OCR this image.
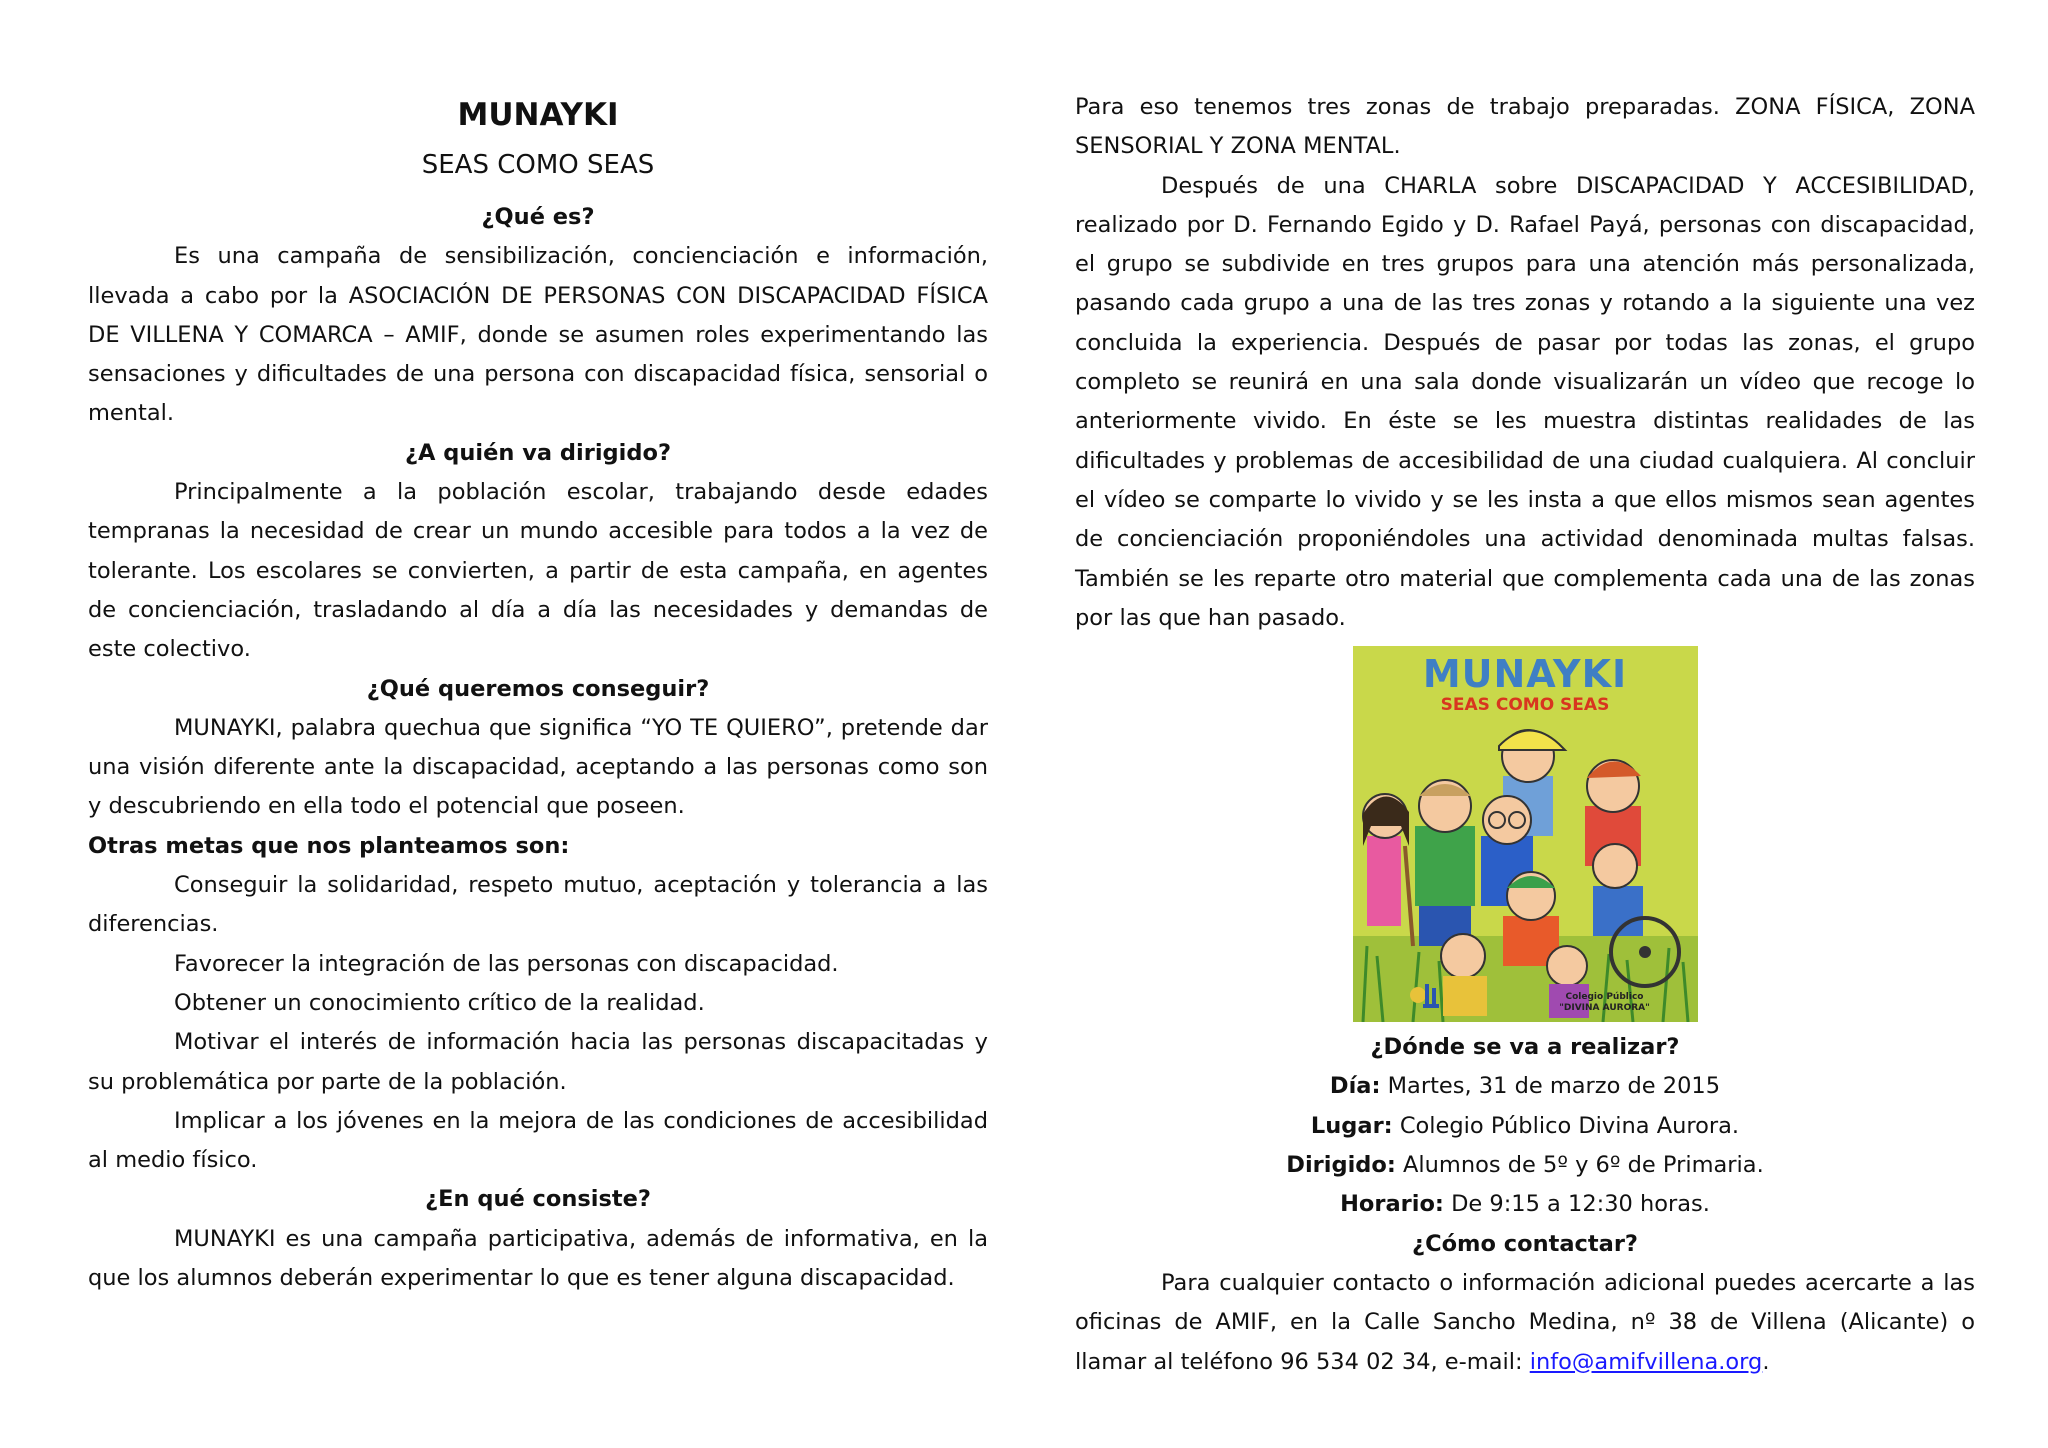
MUNAYKI

SEAS COMO SEAS

¿Qué es?

Es una campaña de sensibilización, concienciación e información, llevada a cabo por la ASOCIACIÓN DE PERSONAS CON DISCAPACIDAD FÍSICA DE VILLENA Y COMARCA – AMIF, donde se asumen roles experimentando las sensaciones y dificultades de una persona con discapacidad física, sensorial o mental.

¿A quién va dirigido?

Principalmente a la población escolar, trabajando desde edades tempranas la necesidad de crear un mundo accesible para todos a la vez de tolerante. Los escolares se convierten, a partir de esta campaña, en agentes de concienciación, trasladando al día a día las necesidades y demandas de este colectivo.

¿Qué queremos conseguir?

MUNAYKI, palabra quechua que significa “YO TE QUIERO”, pretende dar una visión diferente ante la discapacidad, aceptando a las personas como son y descubriendo en ella todo el potencial que poseen.

Otras metas que nos planteamos son:

Conseguir la solidaridad, respeto mutuo, aceptación y tolerancia a las diferencias.

Favorecer la integración de las personas con discapacidad.

Obtener un conocimiento crítico de la realidad.

Motivar el interés de información hacia las personas discapacitadas y su problemática por parte de la población.

Implicar a los jóvenes en la mejora de las condiciones de accesibilidad al medio físico.

¿En qué consiste?

MUNAYKI es una campaña participativa, además de informativa, en la que los alumnos deberán experimentar lo que es tener alguna discapacidad.

Para eso tenemos tres zonas de trabajo preparadas. ZONA FÍSICA, ZONA SENSORIAL Y ZONA MENTAL.

Después de una CHARLA sobre DISCAPACIDAD Y ACCESIBILIDAD, realizado por D. Fernando Egido y D. Rafael Payá, personas con discapacidad, el grupo se subdivide en tres grupos para una atención más personalizada, pasando cada grupo a una de las tres zonas y rotando a la siguiente una vez concluida la experiencia. Después de pasar por todas las zonas, el grupo completo se reunirá en una sala donde visualizarán un vídeo que recoge lo anteriormente vivido. En éste se les muestra distintas realidades de las dificultades y problemas de accesibilidad de una ciudad cualquiera. Al concluir el vídeo se comparte lo vivido y se les insta a que ellos mismos sean agentes de concienciación proponiéndoles una actividad denominada multas falsas. También se les reparte otro material que complementa cada una de las zonas por las que han pasado.

MUNAYKI
SEAS COMO SEAS
Colegio Público
"DIVINA AURORA"

¿Dónde se va a realizar?

Día: Martes, 31 de marzo de 2015

Lugar: Colegio Público Divina Aurora.

Dirigido: Alumnos de 5º y 6º de Primaria.

Horario: De 9:15 a 12:30 horas.

¿Cómo contactar?

Para cualquier contacto o información adicional puedes acercarte a las oficinas de AMIF, en la Calle Sancho Medina, nº 38 de Villena (Alicante) o llamar al teléfono 96 534 02 34, e-mail: info@amifvillena.org.
